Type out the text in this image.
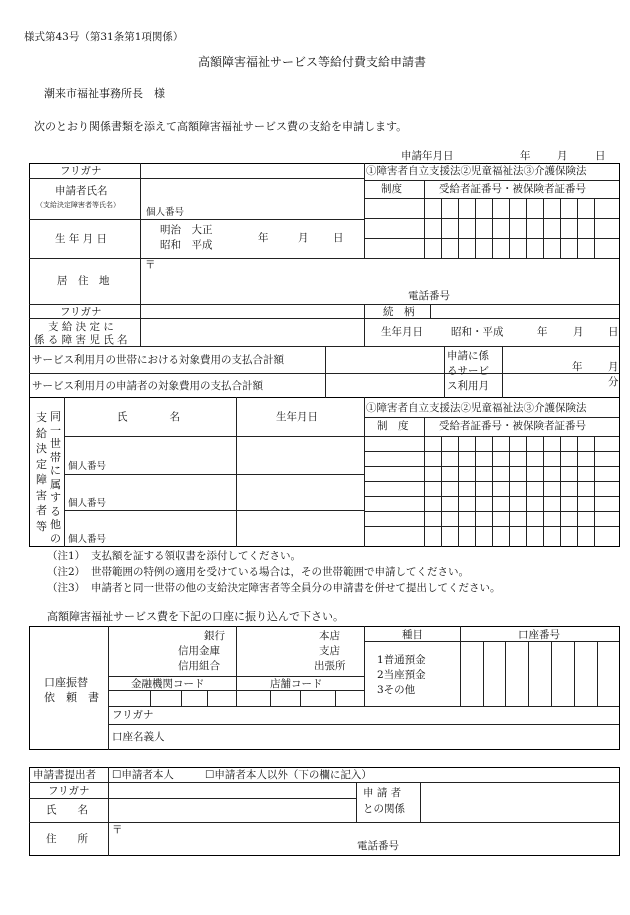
様式第43号（第31条第1項関係）
高額障害福祉サービス等給付費支給申請書
潮来市福祉事務所長　様
次のとおり関係書類を添えて高額障害福祉サービス費の支給を申請します。
申請年月日	年	月	日
フリガナ
申請者氏名
（支給決定障害者等氏名）
個人番号
生 年 月 日
明治　大正
昭和　平成
年	月 日
居　住　地
〒
電話番号
①障害者自立支援法②児童福祉法③介護保険法
制度	受給者証番号・被保険者証番号
フリガナ	続　柄
支 給 決 定 に
係 る 障 害 児 氏 名
生年月日	昭和・平成	年 月 日
サービス利用月の世帯における対象費用の支払合計額
サービス利用月の申請者の対象費用の支払合計額
申請に係
るサービ
ス利用月
年 月
分
支給決定障害者等
同一世帯に属する他の
氏　　　　名	生年月日
①障害者自立支援法②児童福祉法③介護保険法
制　度	受給者証番号・被保険者証番号
個人番号
個人番号
個人番号
（注1） 支払額を証する領収書を添付してください。
（注2） 世帯範囲の特例の適用を受けている場合は，その世帯範囲で申請してください。
（注3） 申請者と同一世帯の他の支給決定障害者等全員分の申請書を併せて提出してください。
高額障害福祉サービス費を下記の口座に振り込んで下さい。
口座振替
依　頼　書
銀行
信用金庫
信用組合
本店
支店
出張所
金融機関コード	店舗コード
種目
1普通預金
2当座預金
3その他
口座番号
フリガナ
口座名義人
申請書提出者 ☐申請者本人	☐申請者本人以外（下の欄に記入）
フリガナ
氏　　名
申 請 者
との関係
住　　所
〒
電話番号
